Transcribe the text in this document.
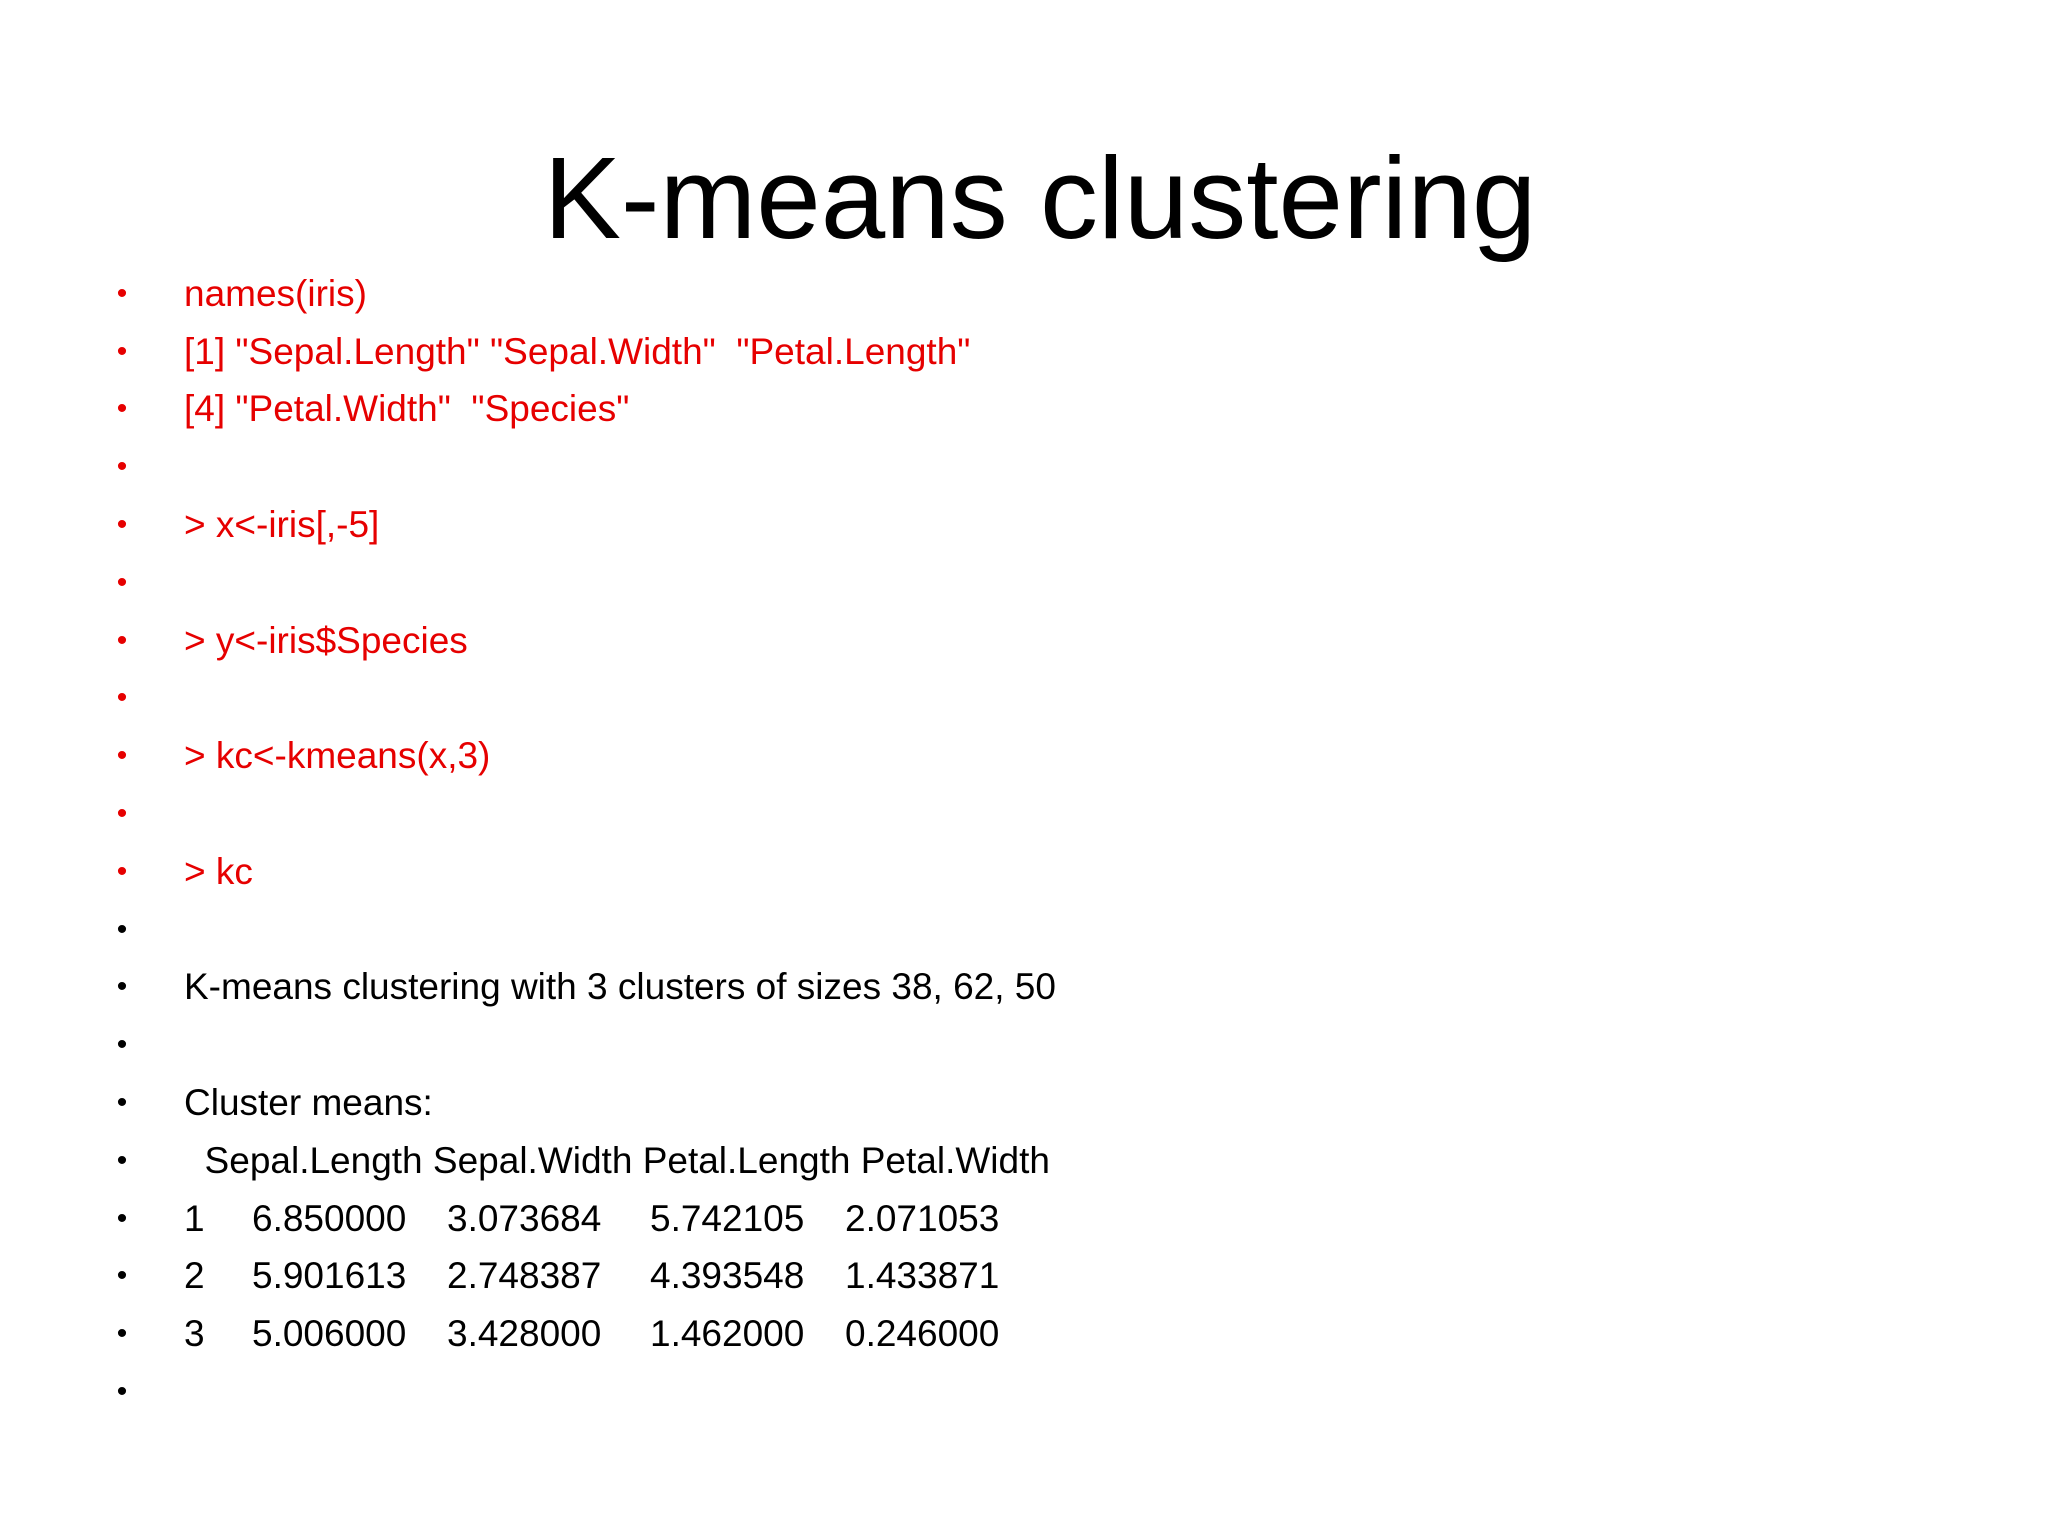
K-means clustering
• names(iris)
• [1] "Sepal.Length" "Sepal.Width"  "Petal.Length"
• [4] "Petal.Width"  "Species"
•
• > x<-iris[,-5]
•
• > y<-iris$Species
•
• > kc<-kmeans(x,3)
•
• > kc
•
• K-means clustering with 3 clusters of sizes 38, 62, 50
•
• Cluster means:
• Sepal.Length Sepal.Width Petal.Length Petal.Width
• 1	6.850000	3.073684	5.742105	2.071053
• 2	5.901613	2.748387	4.393548	1.433871
• 3	5.006000	3.428000	1.462000	0.246000
•
